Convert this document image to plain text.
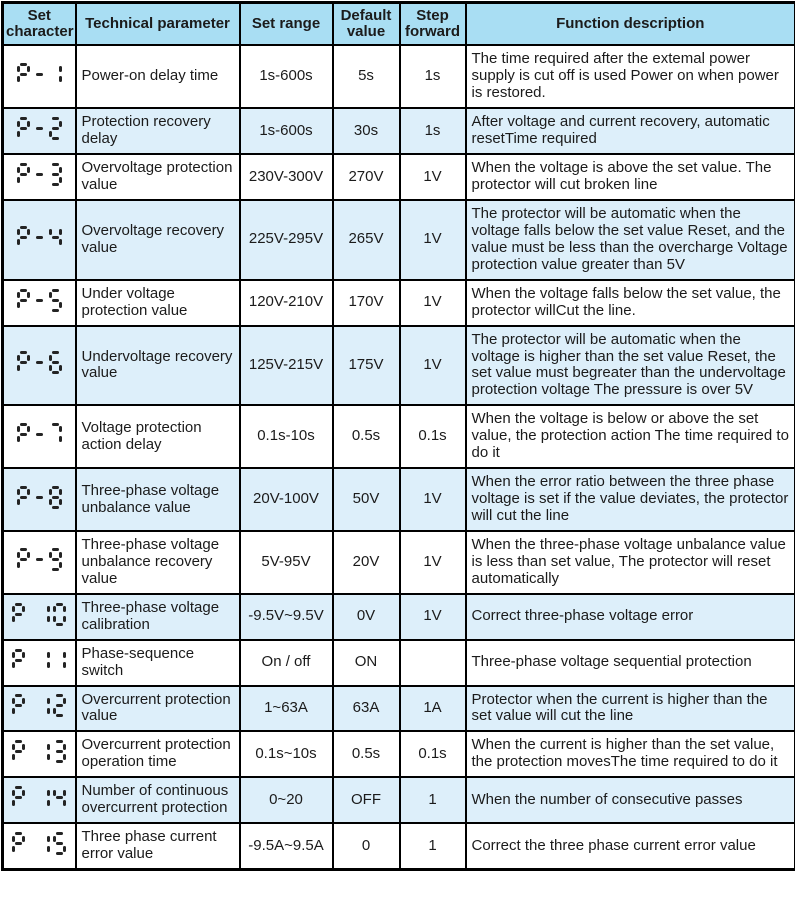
Set character	Technical parameter	Set range	Default value	Step forward	Function description

	Power-on delay time	1s-600s	5s	1s	The time required after the extemal power supply is cut off is used Power on when power is restored.

	Protection recovery delay	1s-600s	30s	1s	After voltage and current recovery, automatic resetTime required

	Overvoltage protection value	230V-300V	270V	1V	When the voltage is above the set value. The protector will cut broken line

	Overvoltage recovery value	225V-295V	265V	1V	The protector will be automatic when the voltage falls below the set value Reset, and the value must be less than the overcharge Voltage protection value greater than 5V

	Under voltage protection value	120V-210V	170V	1V	When the voltage falls below the set value, the protector willCut the line.

	Undervoltage recovery value	125V-215V	175V	1V	The protector will be automatic when the voltage is higher than the set value Reset, the set value must begreater than the undervoltage protection voltage The pressure is over 5V

	Voltage protection action delay	0.1s-10s	0.5s	0.1s	When the voltage is below or above the set value, the protection action The time required to do it

	Three-phase voltage unbalance value	20V-100V	50V	1V	When the error ratio between the three phase voltage is set if the value deviates, the protector will cut the line

	Three-phase voltage unbalance recovery value	5V-95V	20V	1V	When the three-phase voltage unbalance value is less than set value, The protector will reset automatically

	Three-phase voltage calibration	-9.5V~9.5V	0V	1V	Correct three-phase voltage error

	Phase-sequence switch	On / off	ON		Three-phase voltage sequential protection

	Overcurrent protection value	1~63A	63A	1A	Protector when the current is higher than the set value will cut the line

	Overcurrent protection operation time	0.1s~10s	0.5s	0.1s	When the current is higher than the set value, the protection movesThe time required to do it

	Number of continuous overcurrent protection	0~20	OFF	1	When the number of consecutive passes

	Three phase current error value	-9.5A~9.5A	0	1	Correct the three phase current error value
